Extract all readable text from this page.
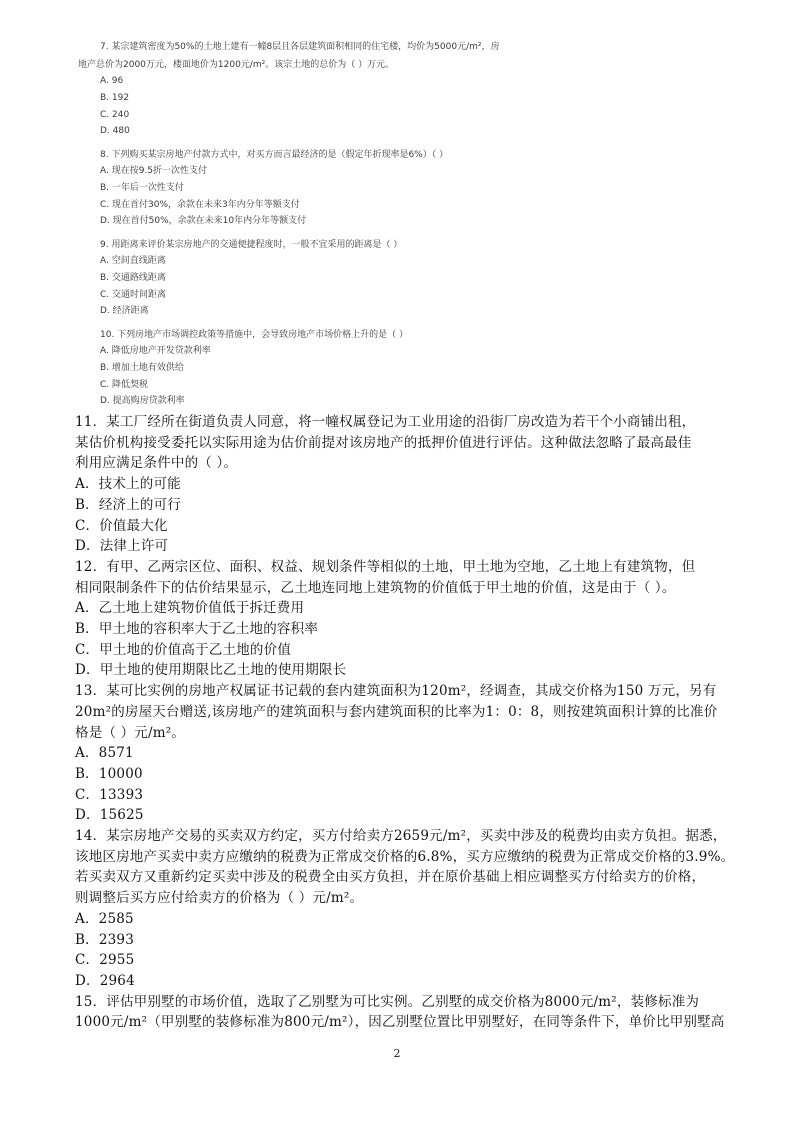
7. 某宗建筑密度为50%的土地上建有一幢8层且各层建筑面积相同的住宅楼，均价为5000元/m²，房
地产总价为2000万元，楼面地价为1200元/m²。该宗土地的总价为（ ）万元。
A. 96
B. 192
C. 240
D. 480
8. 下列购买某宗房地产付款方式中，对买方而言最经济的是（假定年折现率是6%）（ ）
A. 现在按9.5折一次性支付
B. 一年后一次性支付
C. 现在首付30%，余款在未来3年内分年等额支付
D. 现在首付50%，余款在未来10年内分年等额支付
9. 用距离来评价某宗房地产的交通便捷程度时，一般不宜采用的距离是（ ）
A. 空间直线距离
B. 交通路线距离
C. 交通时间距离
D. 经济距离
10. 下列房地产市场调控政策等措施中，会导致房地产市场价格上升的是（ ）
A. 降低房地产开发贷款利率
B. 增加土地有效供给
C. 降低契税
D. 提高购房贷款利率
11．某工厂经所在街道负责人同意，将一幢权属登记为工业用途的沿街厂房改造为若干个小商铺出租，
某估价机构接受委托以实际用途为估价前提对该房地产的抵押价值进行评估。这种做法忽略了最高最佳
利用应满足条件中的（ ）。
A．技术上的可能
B．经济上的可行
C．价值最大化
D．法律上许可
12．有甲、乙两宗区位、面积、权益、规划条件等相似的土地，甲土地为空地，乙土地上有建筑物，但
相同限制条件下的估价结果显示，乙土地连同地上建筑物的价值低于甲土地的价值，这是由于（ ）。
A．乙土地上建筑物价值低于拆迁费用
B．甲土地的容积率大于乙土地的容积率
C．甲土地的价值高于乙土地的价值
D．甲土地的使用期限比乙土地的使用期限长
13．某可比实例的房地产权属证书记载的套内建筑面积为120m²，经调查，其成交价格为150 万元，另有
20m²的房屋天台赠送,该房地产的建筑面积与套内建筑面积的比率为1：0：8，则按建筑面积计算的比准价
格是（ ）元/m²。
A．8571
B．10000
C．13393
D．15625
14．某宗房地产交易的买卖双方约定，买方付给卖方2659元/m²，买卖中涉及的税费均由卖方负担。据悉，
该地区房地产买卖中卖方应缴纳的税费为正常成交价格的6.8%，买方应缴纳的税费为正常成交价格的3.9%。
若买卖双方又重新约定买卖中涉及的税费全由买方负担，并在原价基础上相应调整买方付给卖方的价格，
则调整后买方应付给卖方的价格为（ ）元/m²。
A．2585
B．2393
C．2955
D．2964
15．评估甲别墅的市场价值，选取了乙别墅为可比实例。乙别墅的成交价格为8000元/m²，装修标准为
1000元/m²（甲别墅的装修标准为800元/m²），因乙别墅位置比甲别墅好，在同等条件下，单价比甲别墅高
2
